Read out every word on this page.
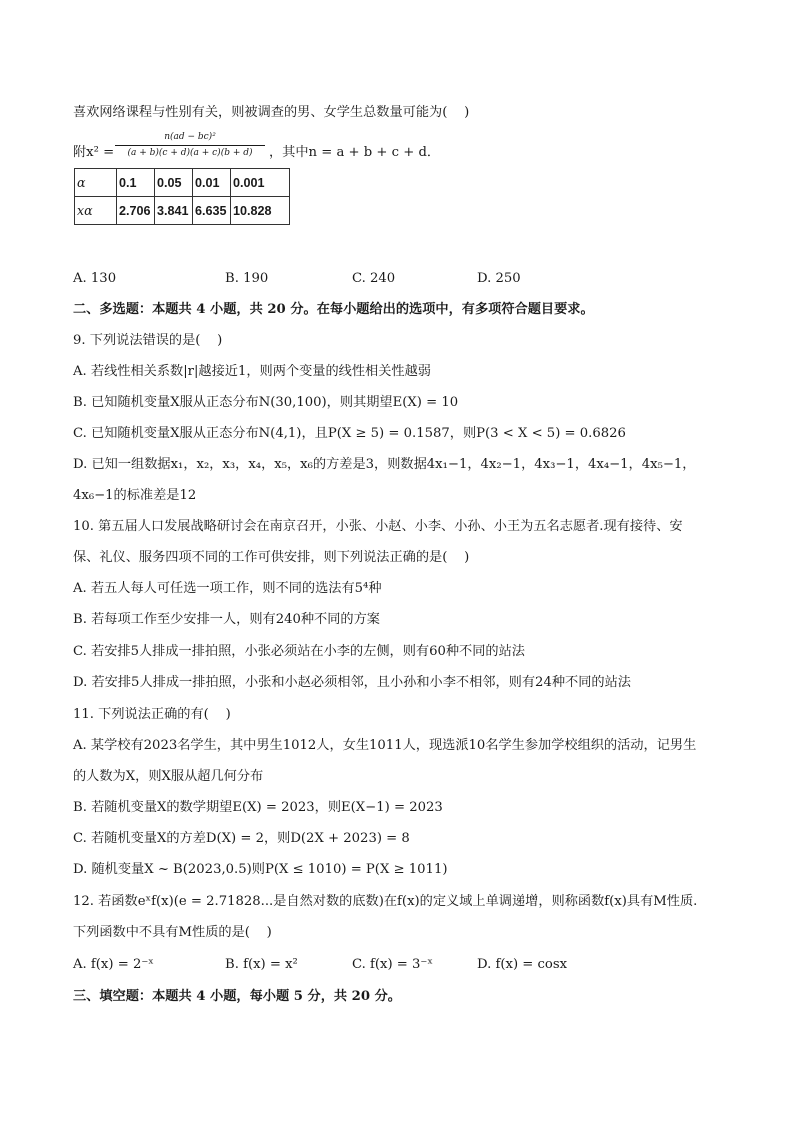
喜欢网络课程与性别有关，则被调查的男、女学生总数量可能为(    )
附x² =
n(ad − bc)²
(a + b)(c + d)(a + c)(b + d)	，其中n = a + b + c + d．
α	0.1	0.05	0.01	0.001
xα	2.706	3.841	6.635	10.828
A. 130	B. 190	C. 240	D. 250
二、多选题：本题共 4 小题，共 20 分。在每小题给出的选项中，有多项符合题目要求。
9. 下列说法错误的是(    )
A. 若线性相关系数|r|越接近1，则两个变量的线性相关性越弱
B. 已知随机变量X服从正态分布N(30,100)，则其期望E(X) = 10
C. 已知随机变量X服从正态分布N(4,1)，且P(X ≥ 5) = 0.1587，则P(3 < X < 5) = 0.6826
D. 已知一组数据x₁，x₂，x₃，x₄，x₅，x₆的方差是3，则数据4x₁−1，4x₂−1，4x₃−1，4x₄−1，4x₅−1，
4x₆−1的标准差是12
10. 第五届人口发展战略研讨会在南京召开，小张、小赵、小李、小孙、小王为五名志愿者.现有接待、安
保、礼仪、服务四项不同的工作可供安排，则下列说法正确的是(    )
A. 若五人每人可任选一项工作，则不同的选法有5⁴种
B. 若每项工作至少安排一人，则有240种不同的方案
C. 若安排5人排成一排拍照，小张必须站在小李的左侧，则有60种不同的站法
D. 若安排5人排成一排拍照，小张和小赵必须相邻，且小孙和小李不相邻，则有24种不同的站法
11. 下列说法正确的有(    )
A. 某学校有2023名学生，其中男生1012人，女生1011人，现选派10名学生参加学校组织的活动，记男生
的人数为X，则X服从超几何分布
B. 若随机变量X的数学期望E(X) = 2023，则E(X−1) = 2023
C. 若随机变量X的方差D(X) = 2，则D(2X + 2023) = 8
D. 随机变量X ~ B(2023,0.5)则P(X ≤ 1010) = P(X ≥ 1011)
12. 若函数eˣf(x)(e = 2.71828...是自然对数的底数)在f(x)的定义域上单调递增，则称函数f(x)具有M性质.
下列函数中不具有M性质的是(    )
A. f(x) = 2⁻ˣ	B. f(x) = x²	C. f(x) = 3⁻ˣ	D. f(x) = cosx
三、填空题：本题共 4 小题，每小题 5 分，共 20 分。
